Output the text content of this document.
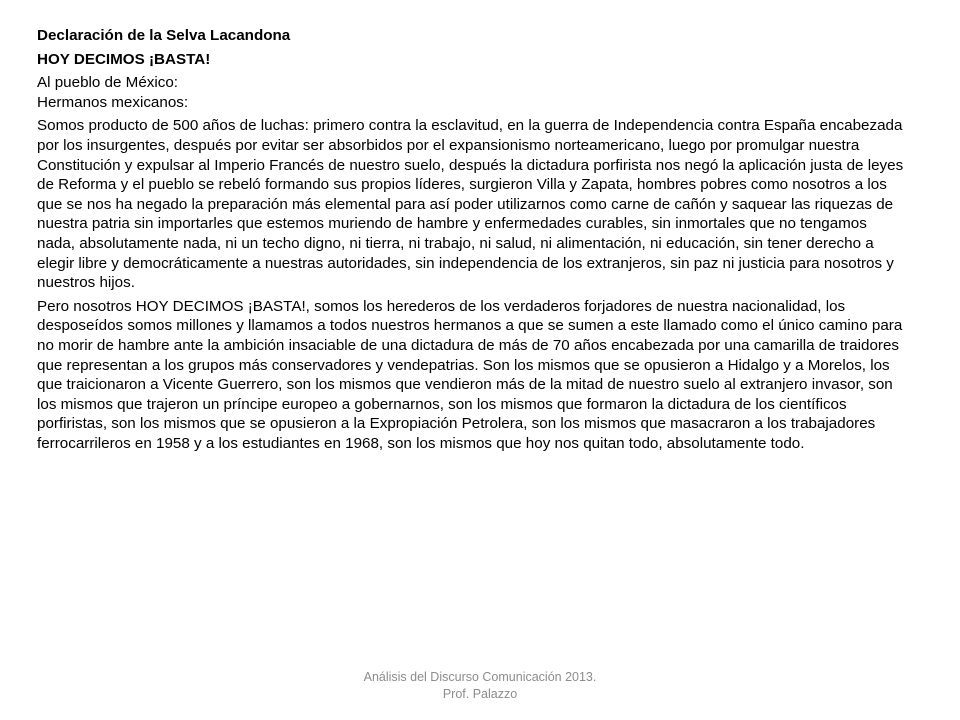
Declaración de la Selva Lacandona

HOY DECIMOS ¡BASTA!

Al pueblo de México:
Hermanos mexicanos:

Somos producto de 500 años de luchas: primero contra la esclavitud, en la guerra de Independencia contra España encabezada por los insurgentes, después por evitar ser absorbidos por el expansionismo norteamericano, luego por promulgar nuestra Constitución y expulsar al Imperio Francés de nuestro suelo, después la dictadura porfirista nos negó la aplicación justa de leyes de Reforma y el pueblo se rebeló formando sus propios líderes, surgieron Villa y Zapata, hombres pobres como nosotros a los que se nos ha negado la preparación más elemental para así poder utilizarnos como carne de cañón y saquear las riquezas de nuestra patria sin importarles que estemos muriendo de hambre y enfermedades curables, sin inmortales que no tengamos nada, absolutamente nada, ni un techo digno, ni tierra, ni trabajo, ni salud, ni alimentación, ni educación, sin tener derecho a elegir libre y democráticamente a nuestras autoridades, sin independencia de los extranjeros, sin paz ni justicia para nosotros y nuestros hijos.

Pero nosotros HOY DECIMOS ¡BASTA!, somos los herederos de los verdaderos forjadores de nuestra nacionalidad, los desposeídos somos millones y llamamos a todos nuestros hermanos a que se sumen a este llamado como el único camino para no morir de hambre ante la ambición insaciable de una dictadura de más de 70 años encabezada por una camarilla de traidores que representan a los grupos más conservadores y vendepatrias. Son los mismos que se opusieron a Hidalgo y a Morelos, los que traicionaron a Vicente Guerrero, son los mismos que vendieron más de la mitad de nuestro suelo al extranjero invasor, son los mismos que trajeron un príncipe europeo a gobernarnos, son los mismos que formaron la dictadura de los científicos porfiristas, son los mismos que se opusieron a la Expropiación Petrolera, son los mismos que masacraron a los trabajadores ferrocarrileros en 1958 y a los estudiantes en 1968, son los mismos que hoy nos quitan todo, absolutamente todo.

Análisis del Discurso Comunicación 2013.
Prof. Palazzo
